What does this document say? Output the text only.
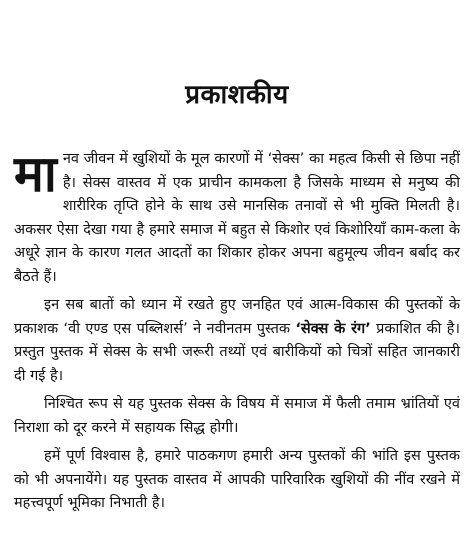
प्रकाशकीय

मानव जीवन में खुशियों के मूल कारणों में ‘सेक्स’ का महत्व किसी से छिपा नहीं है। सेक्स वास्तव में एक प्राचीन कामकला है जिसके माध्यम से मनुष्य की शारीरिक तृप्ति होने के साथ उसे मानसिक तनावों से भी मुक्ति मिलती है। अकसर ऐसा देखा गया है हमारे समाज में बहुत से किशोर एवं किशोरियाँ काम-कला के अधूरे ज्ञान के कारण गलत आदतों का शिकार होकर अपना बहुमूल्य जीवन बर्बाद कर बैठते हैं।

इन सब बातों को ध्यान में रखते हुए जनहित एवं आत्म-विकास की पुस्तकों के प्रकाशक ‘वी एण्ड एस पब्लिशर्स’ ने नवीनतम पुस्तक ‘सेक्स के रंग’ प्रकाशित की है। प्रस्तुत पुस्तक में सेक्स के सभी जरूरी तथ्यों एवं बारीकियों को चित्रों सहित जानकारी दी गई है।

निश्चित रूप से यह पुस्तक सेक्स के विषय में समाज में फैली तमाम भ्रांतियों एवं निराशा को दूर करने में सहायक सिद्ध होगी।

हमें पूर्ण विश्वास है, हमारे पाठकगण हमारी अन्य पुस्तकों की भांति इस पुस्तक को भी अपनायेंगे। यह पुस्तक वास्तव में आपकी पारिवारिक खुशियों की नींव रखने में महत्त्वपूर्ण भूमिका निभाती है।
